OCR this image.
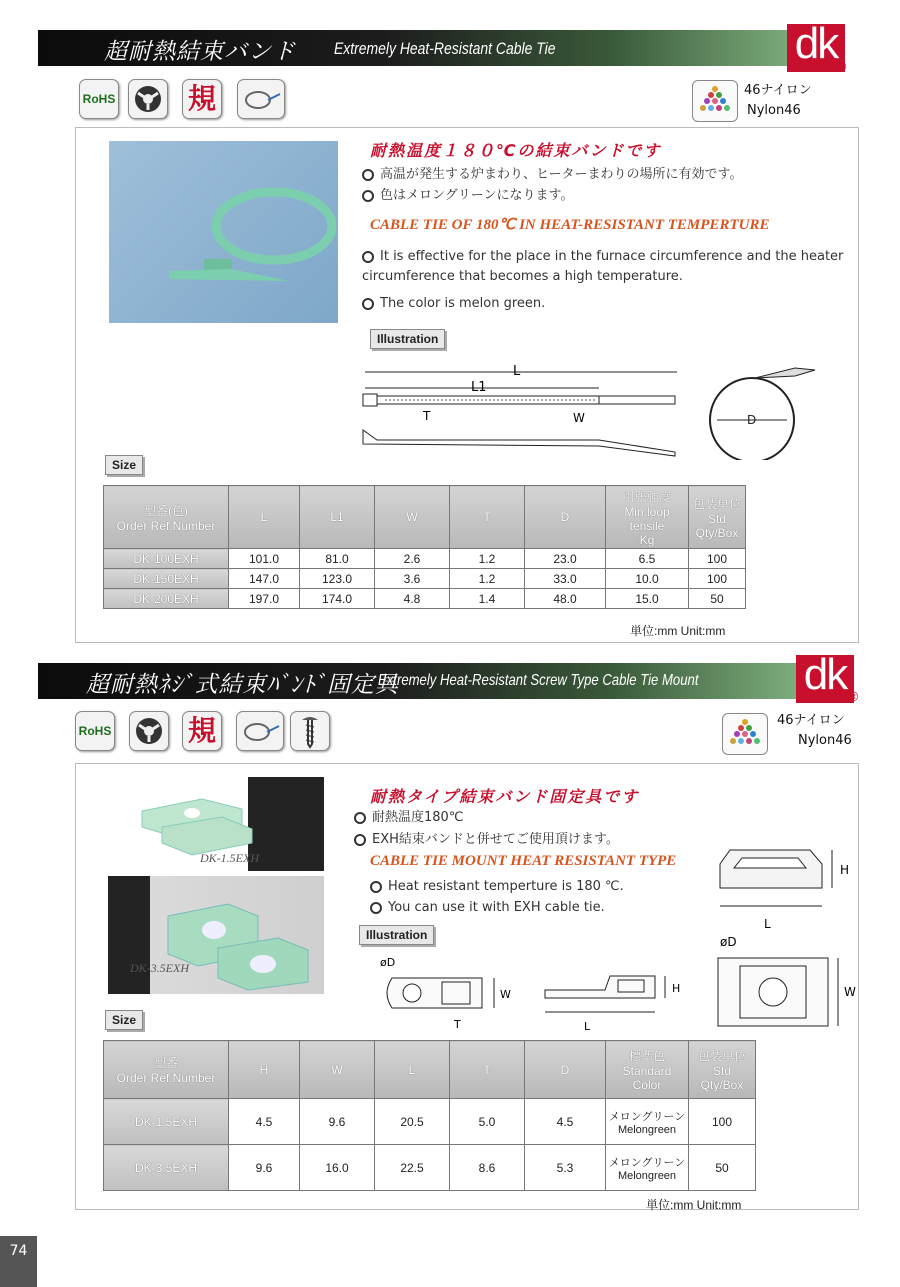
超耐熱結束バンド Extremely Heat-Resistant Cable Tie	dk
®
RoHS	規	46ナイロン
Nylon46
耐熱温度１８０℃の結束バンドです
高温が発生する炉まわり、ヒーターまわりの場所に有効です。
色はメロングリーンになります。
CABLE TIE OF 180℃ IN HEAT-RESISTANT TEMPERTURE
It is effective for the place in the furnace circumference and the heater circumference that becomes a high temperature.
The color is melon green.
Illustration
L
L1
T	W	D
Size
型番(色)
Order Ref.Number	L	L1	W	T	D	引張強度
Min.loop tensile
Kg	包装単位
Std Qty/Box
DK-100EXH	101.0	81.0	2.6	1.2	23.0	6.5	100
DK-150EXH	147.0	123.0	3.6	1.2	33.0	10.0	100
DK-200EXH	197.0	174.0	4.8	1.4	48.0	15.0	50
単位:mm Unit:mm
超耐熱ﾈｼﾞ式結束ﾊﾞﾝﾄﾞ固定具
Extremely Heat-Resistant Screw Type Cable Tie Mount dk ®
RoHS	規	46ナイロン
Nylon46
DK-1.5EXH
DK-3.5EXH
耐熱タイプ結束バンド固定具です
耐熱温度180℃
EXH結束バンドと併せてご使用頂けます。
CABLE TIE MOUNT HEAT RESISTANT TYPE
Heat resistant temperture is 180 ℃.
You can use it with EXH cable tie.
Illustration
H
L
øD
W
T
H
L
øD
W
Size
型番
Order Ref.Number	H	W	L	T	D	標準色
Standard Color	包装単位
Std Qty/Box
DK-1.5EXH	4.5	9.6	20.5	5.0	4.5	メロングリーン
Melongreen	100
DK-3.5EXH	9.6	16.0	22.5	8.6	5.3	メロングリーン
Melongreen	50
単位:mm Unit:mm
74
